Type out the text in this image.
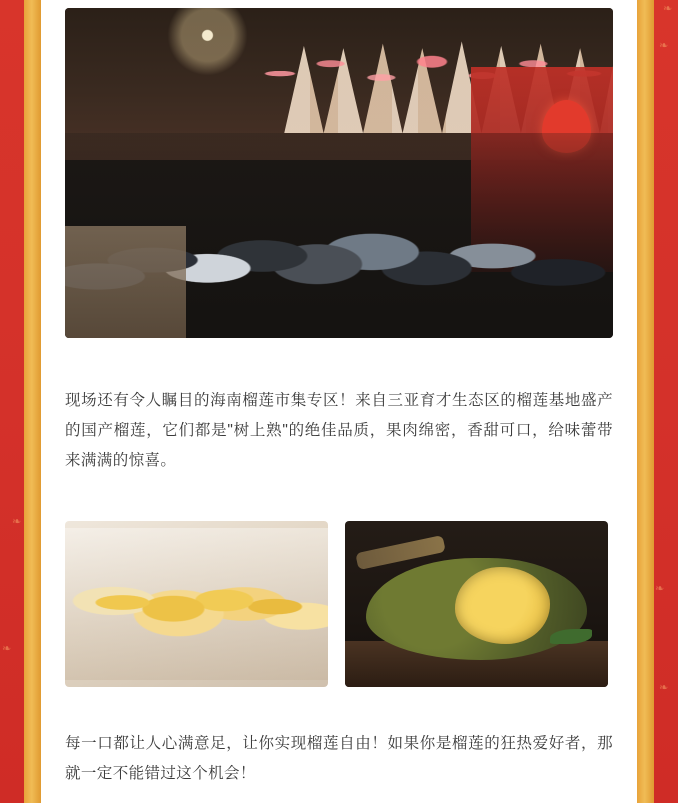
❧
❧
❧
❧
❧
❧

现场还有令人瞩目的海南榴莲市集专区！来自三亚育才生态区的榴莲基地盛产的国产榴莲，它们都是"树上熟"的绝佳品质，果肉绵密，香甜可口，给味蕾带来满满的惊喜。

每一口都让人心满意足，让你实现榴莲自由！如果你是榴莲的狂热爱好者，那就一定不能错过这个机会！
